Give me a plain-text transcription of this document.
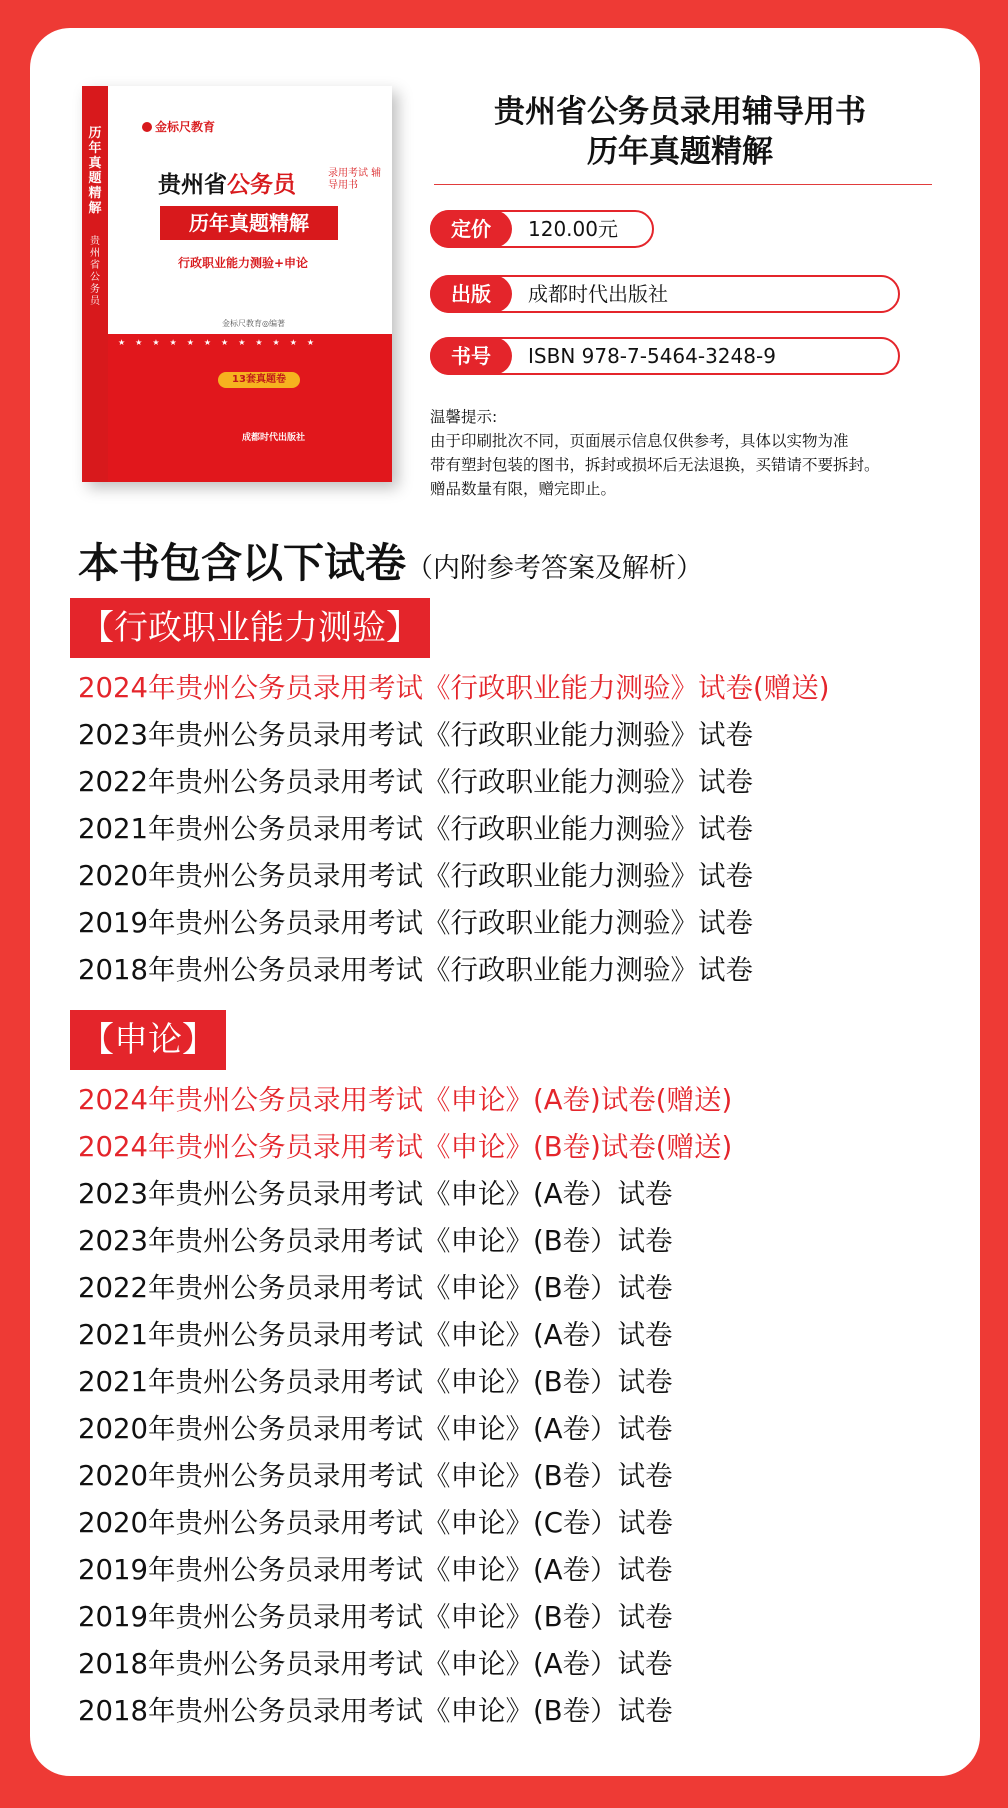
历年真题精解
贵州省公务员
金标尺教育
贵州省公务员	录用考试 辅导用书
历年真题精解
行政职业能力测验+申论
金标尺教育◎编著
★★★★★★★★★★★★
13套真题卷
成都时代出版社
贵州省公务员录用辅导用书
历年真题精解
定价	120.00元
出版	成都时代出版社
书号	ISBN 978-7-5464-3248-9
温馨提示:
由于印刷批次不同，页面展示信息仅供参考，具体以实物为准
带有塑封包装的图书，拆封或损坏后无法退换，买错请不要拆封。
赠品数量有限，赠完即止。
本书包含以下试卷（内附参考答案及解析）
【行政职业能力测验】
2024年贵州公务员录用考试《行政职业能力测验》试卷(赠送)
2023年贵州公务员录用考试《行政职业能力测验》试卷
2022年贵州公务员录用考试《行政职业能力测验》试卷
2021年贵州公务员录用考试《行政职业能力测验》试卷
2020年贵州公务员录用考试《行政职业能力测验》试卷
2019年贵州公务员录用考试《行政职业能力测验》试卷
2018年贵州公务员录用考试《行政职业能力测验》试卷
【申论】
2024年贵州公务员录用考试《申论》(A卷)试卷(赠送)
2024年贵州公务员录用考试《申论》(B卷)试卷(赠送)
2023年贵州公务员录用考试《申论》(A卷）试卷
2023年贵州公务员录用考试《申论》(B卷）试卷
2022年贵州公务员录用考试《申论》(B卷）试卷
2021年贵州公务员录用考试《申论》(A卷）试卷
2021年贵州公务员录用考试《申论》(B卷）试卷
2020年贵州公务员录用考试《申论》(A卷）试卷
2020年贵州公务员录用考试《申论》(B卷）试卷
2020年贵州公务员录用考试《申论》(C卷）试卷
2019年贵州公务员录用考试《申论》(A卷）试卷
2019年贵州公务员录用考试《申论》(B卷）试卷
2018年贵州公务员录用考试《申论》(A卷）试卷
2018年贵州公务员录用考试《申论》(B卷）试卷
